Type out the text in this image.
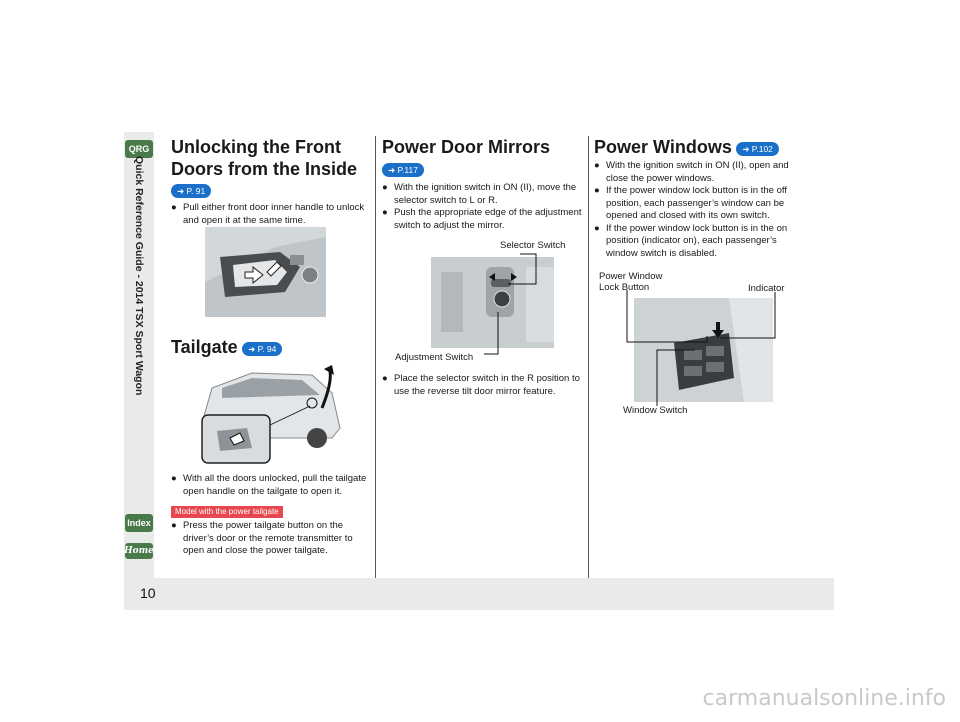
QRG
Quick Reference Guide - 2014 TSX Sport Wagon
Index
Home
10
Unlocking the Front
Doors from the Inside
➜ P. 91
● Pull either front door inner handle to unlock and open it at the same time.
Tailgate ➜ P. 94
● With all the doors unlocked, pull the tailgate open handle on the tailgate to open it.
Model with the power tailgate
● Press the power tailgate button on the driver’s door or the remote transmitter to open and close the power tailgate.
Power Door Mirrors
➜ P.117
● With the ignition switch in ON (II), move the selector switch to L or R.
● Push the appropriate edge of the adjustment switch to adjust the mirror.
Selector Switch
Adjustment Switch
● Place the selector switch in the R position to use the reverse tilt door mirror feature.
Power Windows ➜ P.102
● With the ignition switch in ON (II), open and close the power windows.
● If the power window lock button is in the off position, each passenger’s window can be opened and closed with its own switch.
● If the power window lock button is in the on position (indicator on), each passenger’s window switch is disabled.
Power Window
Lock Button	Indicator
Window Switch
carmanualsonline.info
